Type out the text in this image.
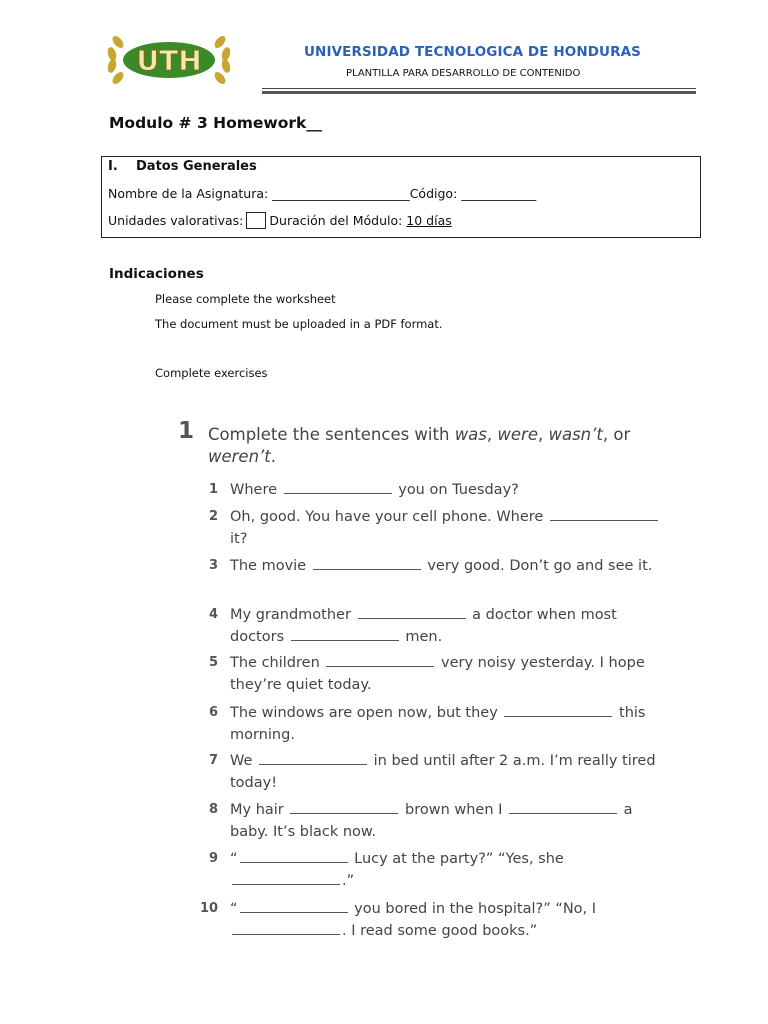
UTH	UNIVERSIDAD TECNOLOGICA DE HONDURAS
PLANTILLA PARA DESARROLLO DE CONTENIDO
Modulo # 3 Homework__
I. Datos Generales
Nombre de la Asignatura: ______________________Código: ____________
Unidades valorativas: Duración del Módulo: 10 días
Indicaciones
Please complete the worksheet
The document must be uploaded in a PDF format.
Complete exercises
1 Complete the sentences with was, were, wasn’t, or weren’t.
1 Where	you on Tuesday?
2 Oh, good. You have your cell phone. Where  it?
3 The movie	very good. Don’t go and see it.
4 My grandmother	a doctor when most doctors	men.
5 The children	very noisy yesterday. I hope they’re quiet today.
6 The windows are open now, but they	this morning.
7 We	in bed until after 2 a.m. I’m really tired today!
8 My hair	brown when I	a baby. It’s black now.
9 “	Lucy at the party?” “Yes, she .”
10 “	you bored in the hospital?” “No, I . I read some good books.”
